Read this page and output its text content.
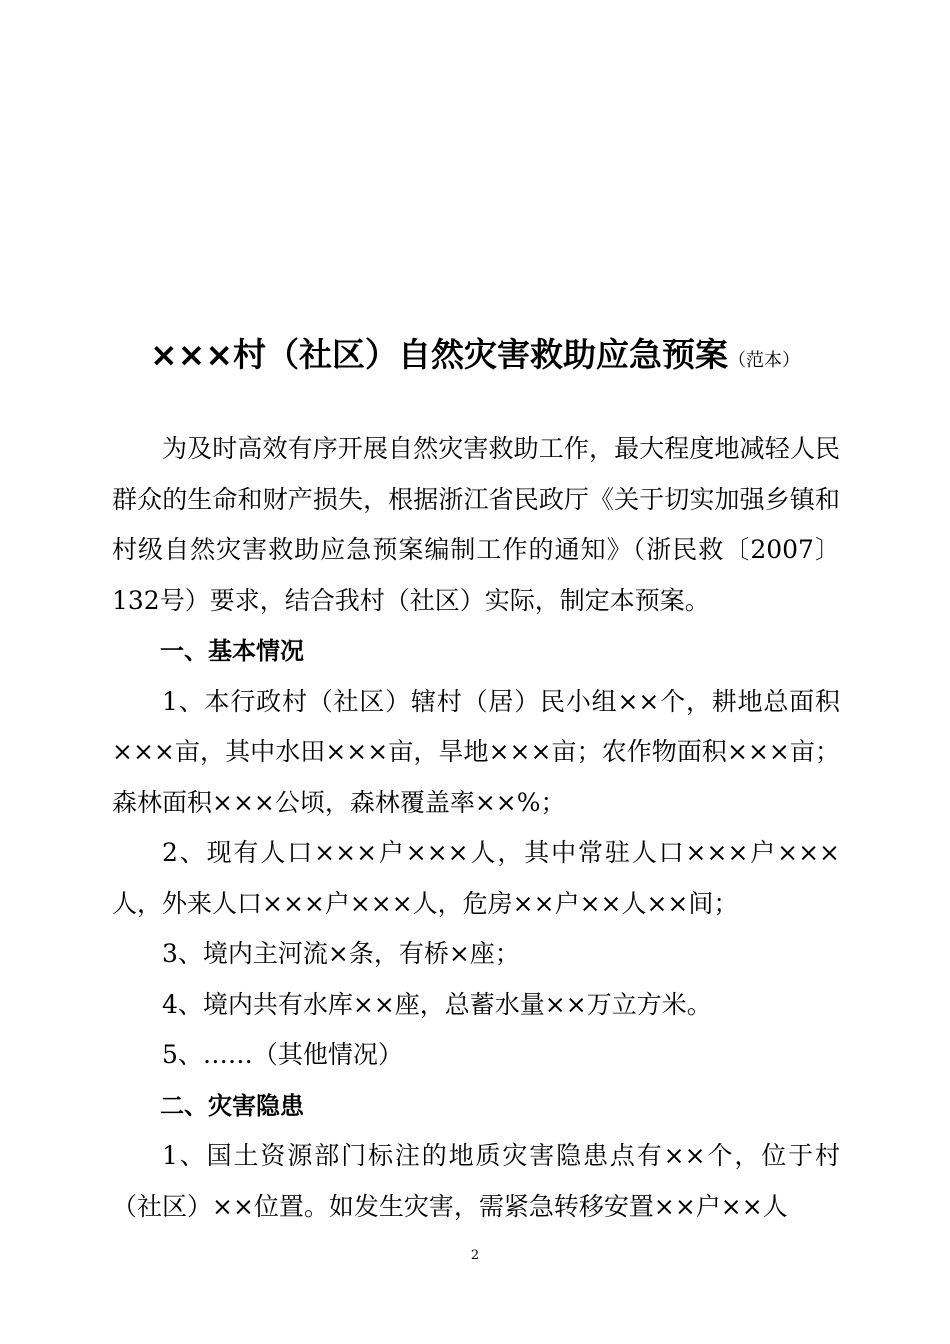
×××村（社区）自然灾害救助应急预案（范本）

为及时高效有序开展自然灾害救助工作，最大程度地减轻人民群众的生命和财产损失，根据浙江省民政厅《关于切实加强乡镇和村级自然灾害救助应急预案编制工作的通知》（浙民救〔2007〕132号）要求，结合我村（社区）实际，制定本预案。

一、基本情况

1、本行政村（社区）辖村（居）民小组××个，耕地总面积×××亩，其中水田×××亩，旱地×××亩；农作物面积×××亩；森林面积×××公顷，森林覆盖率××%；

2、现有人口×××户×××人，其中常驻人口×××户×××人，外来人口×××户×××人，危房××户××人××间；

3、境内主河流×条，有桥×座；

4、境内共有水库××座，总蓄水量××万立方米。

5、……（其他情况）

二、灾害隐患

1、国土资源部门标注的地质灾害隐患点有××个，位于村（社区）××位置。如发生灾害，需紧急转移安置××户××人

2
